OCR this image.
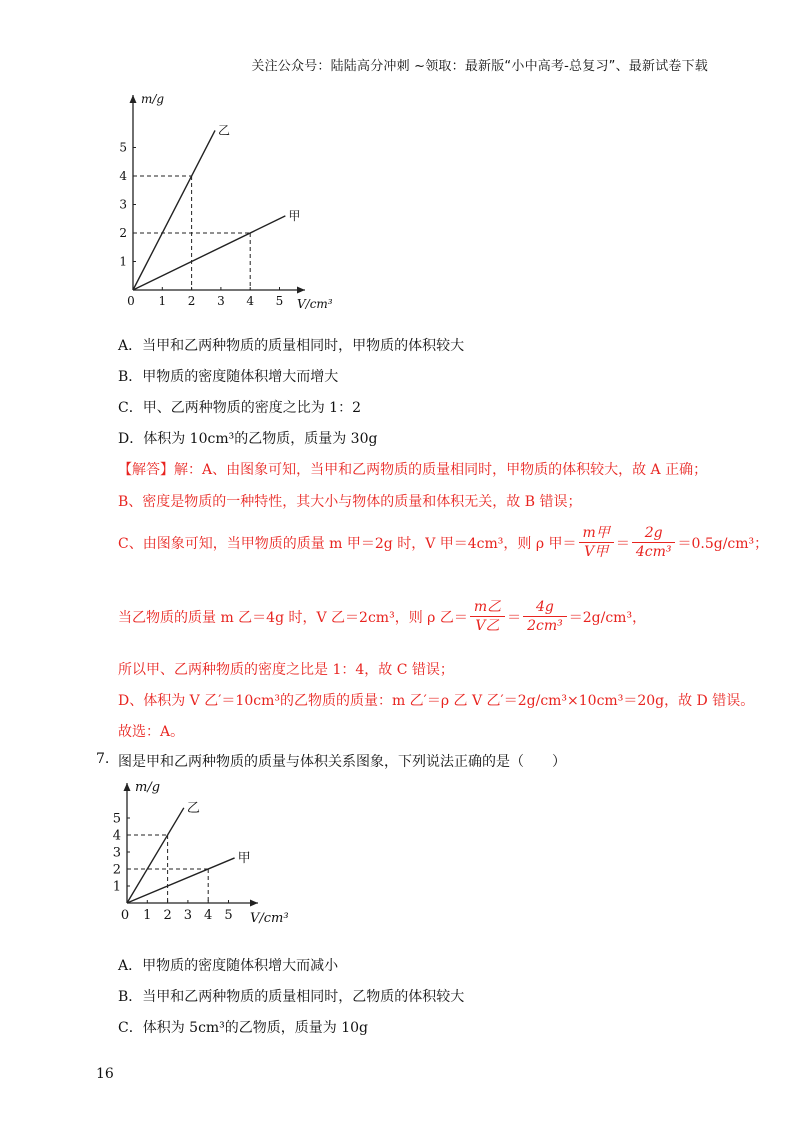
关注公众号：陆陆高分冲刺 ~领取：最新版“小中高考-总复习”、最新试卷下载
0 1 2 3 4 5
1
2
3
4
5
乙
甲
V/cm³
m/g
A．当甲和乙两种物质的质量相同时，甲物质的体积较大
B．甲物质的密度随体积增大而增大
C．甲、乙两种物质的密度之比为 1：2
D．体积为 10cm³的乙物质，质量为 30g
【解答】解：A、由图象可知，当甲和乙两物质的质量相同时，甲物质的体积较大，故 A 正确；
B、密度是物质的一种特性，其大小与物体的质量和体积无关，故 B 错误；
C、由图象可知，当甲物质的质量 m 甲＝2g 时，V 甲＝4cm³，则 ρ 甲＝ $\frac{\text{m甲}}{\text{V甲}} = \frac{2g}{\text{4cm³}} =0.5g/cm^3$；
当乙物质的质量 m 乙＝4g 时，V 乙＝2cm³，则 ρ 乙＝ $\frac{\text{m乙}}{\text{V乙}} = \frac{4g}{\text{2cm³}} =2g/cm^3$，
所以甲、乙两种物质的密度之比是 1：4，故 C 错误；
D、体积为 V 乙′＝10cm³的乙物质的质量：m 乙′＝ρ 乙 V 乙′＝2g/cm³×10cm³＝20g，故 D 错误。
故选：A。
7. 图是甲和乙两种物质的质量与体积关系图象，下列说法正确的是（　　）
0 1 2 3 4 5
1
2
3
4
5
乙
甲
V/cm³
m/g
A．甲物质的密度随体积增大而减小
B．当甲和乙两种物质的质量相同时，乙物质的体积较大
C．体积为 5cm³的乙物质，质量为 10g
16
